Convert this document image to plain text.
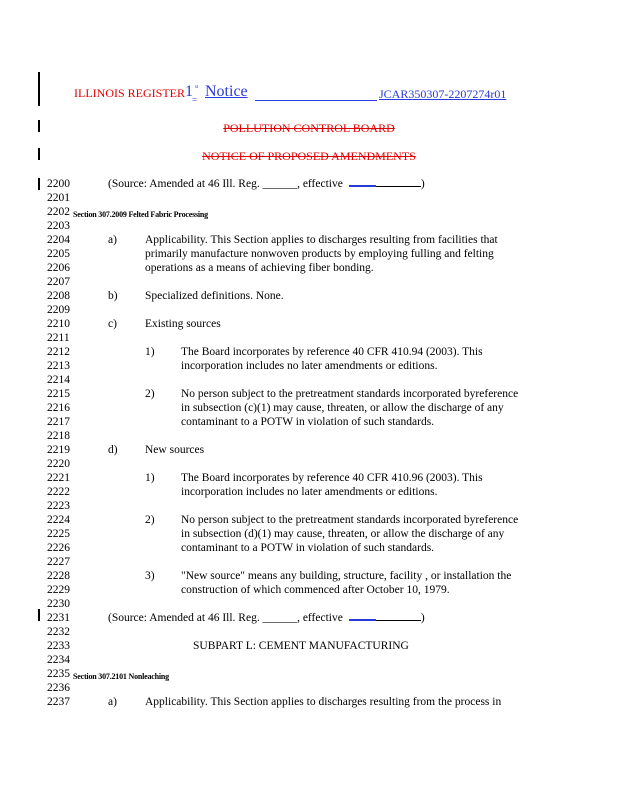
ILLINOIS REGISTER 1 st
= Notice	JCAR350307-2207274r01
POLLUTION CONTROL BOARD
NOTICE OF PROPOSED AMENDMENTS
2200	(Source: Amended at 46 Ill. Reg. ______, effective	)
2201
2202 Section 307.2009 Felted Fabric Processing
2203
2204	a) Applicability. This Section applies to discharges resulting from facilities that
2205	primarily manufacture nonwoven products by employing fulling and felting
2206	operations as a means of achieving fiber bonding.
2207
2208	b) Specialized definitions. None.
2209
2210	c) Existing sources
2211
2212	1) The Board incorporates by reference 40 CFR 410.94 (2003). This
2213	incorporation includes no later amendments or editions.
2214
2215	2) No person subject to the pretreatment standards incorporated byreference
2216	in subsection (c)(1) may cause, threaten, or allow the discharge of any
2217	contaminant to a POTW in violation of such standards.
2218
2219	d) New sources
2220
2221	1) The Board incorporates by reference 40 CFR 410.96 (2003). This
2222	incorporation includes no later amendments or editions.
2223
2224	2) No person subject to the pretreatment standards incorporated byreference
2225	in subsection (d)(1) may cause, threaten, or allow the discharge of any
2226	contaminant to a POTW in violation of such standards.
2227
2228	3) "New source" means any building, structure, facility , or installation the
2229	construction of which commenced after October 10, 1979.
2230
2231	(Source: Amended at 46 Ill. Reg. ______, effective	)
2232
2233	SUBPART L: CEMENT MANUFACTURING
2234
2235 Section 307.2101 Nonleaching
2236
2237	a) Applicability. This Section applies to discharges resulting from the process in
